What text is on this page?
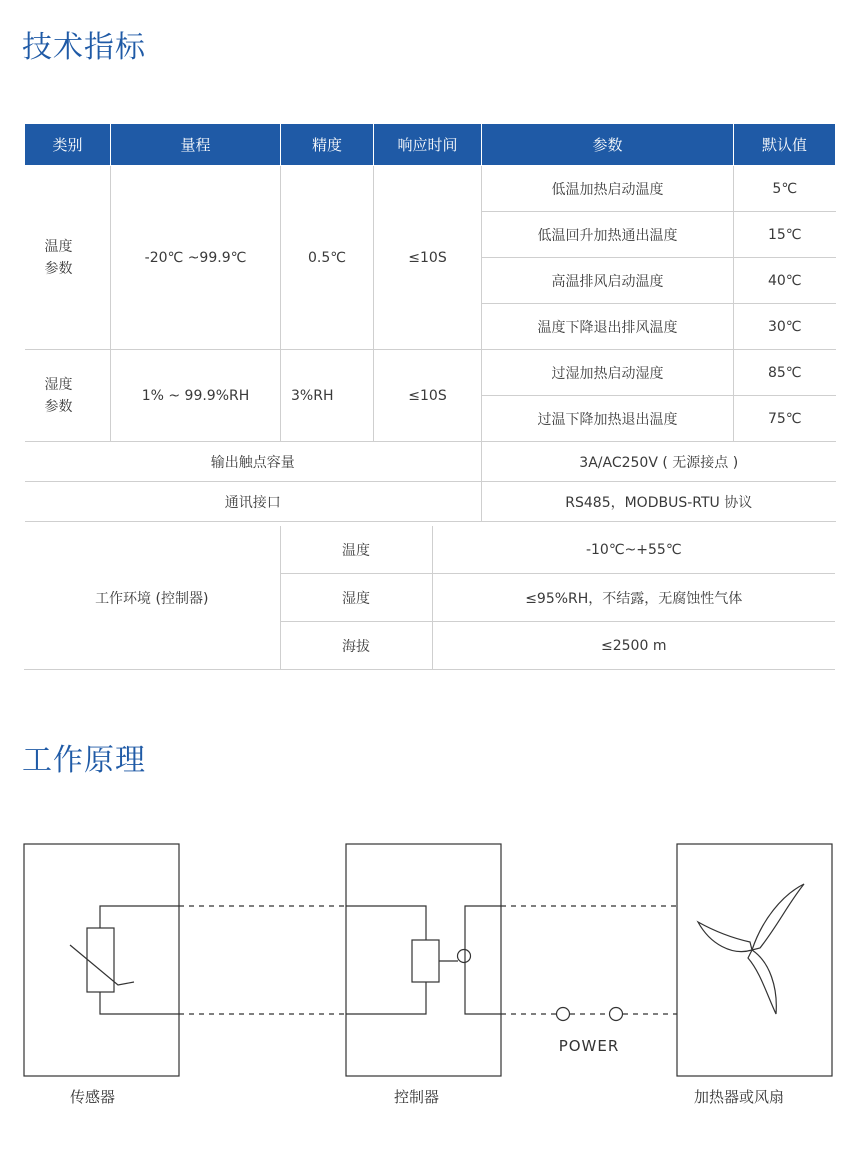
技术指标
类别	量程	精度	响应时间	参数	默认值
温度
参数	-20℃ ~99.9℃	0.5℃	≤10S	低温加热启动温度	5℃
				低温回升加热通出温度	15℃
				高温排风启动温度	40℃
				温度下降退出排风温度	30℃
湿度
参数	1% ~ 99.9%RH	3%RH	≤10S	过湿加热启动湿度	85℃
				过温下降加热退出温度	75℃
输出触点容量				3A/AC250V ( 无源接点 )	
通讯接口				RS485，MODBUS-RTU 协议	
工作环境 (控制器)	温度	-10℃~+55℃
	湿度	≤95%RH，不结露，无腐蚀性气体
	海拔	≤2500 m
工作原理
POWER
传感器	控制器	加热器或风扇
